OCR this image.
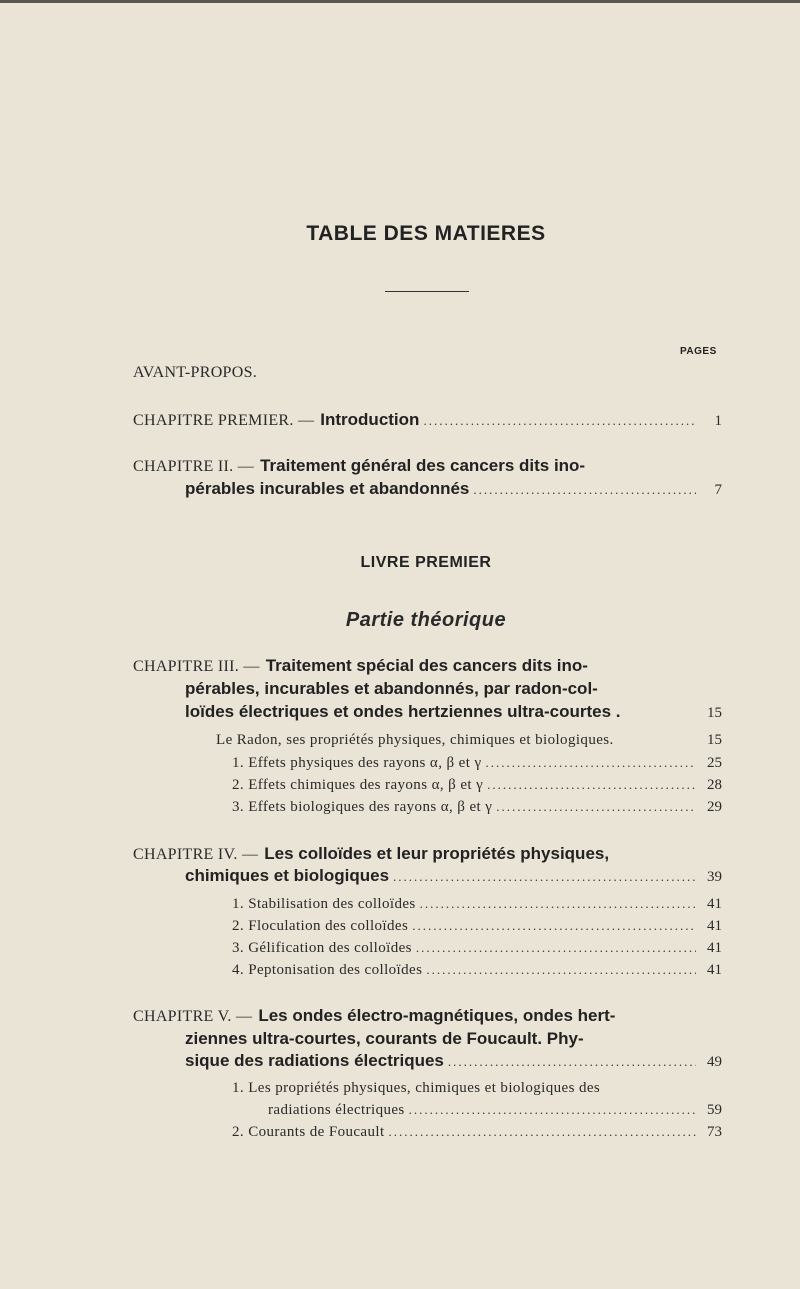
TABLE DES MATIERES
PAGES
AVANT-PROPOS.
CHAPITRE PREMIER. — Introduction .....	1
CHAPITRE II. — Traitement général des cancers dits ino-
pérables incurables et abandonnés .....	7
LIVRE PREMIER
Partie théorique
CHAPITRE III. — Traitement spécial des cancers dits ino-
pérables, incurables et abandonnés, par radon-col-
loïdes électriques et ondes hertziennes ultra-courtes .	15
Le Radon, ses propriétés physiques, chimiques et biologiques.	15
1. Effets physiques des rayons α, β et γ .....	25
2. Effets chimiques des rayons α, β et γ .....	28
3. Effets biologiques des rayons α, β et γ .....	29
CHAPITRE IV. — Les colloïdes et leur propriétés physiques,
chimiques et biologiques .....	39
1. Stabilisation des colloïdes .....	41
2. Floculation des colloïdes .....	41
3. Gélification des colloïdes .....	41
4. Peptonisation des colloïdes .....	41
CHAPITRE V. — Les ondes électro-magnétiques, ondes hert-
ziennes ultra-courtes, courants de Foucault. Phy-
sique des radiations électriques .....	49
1. Les propriétés physiques, chimiques et biologiques des
radiations électriques .....	59
2. Courants de Foucault .....	73
